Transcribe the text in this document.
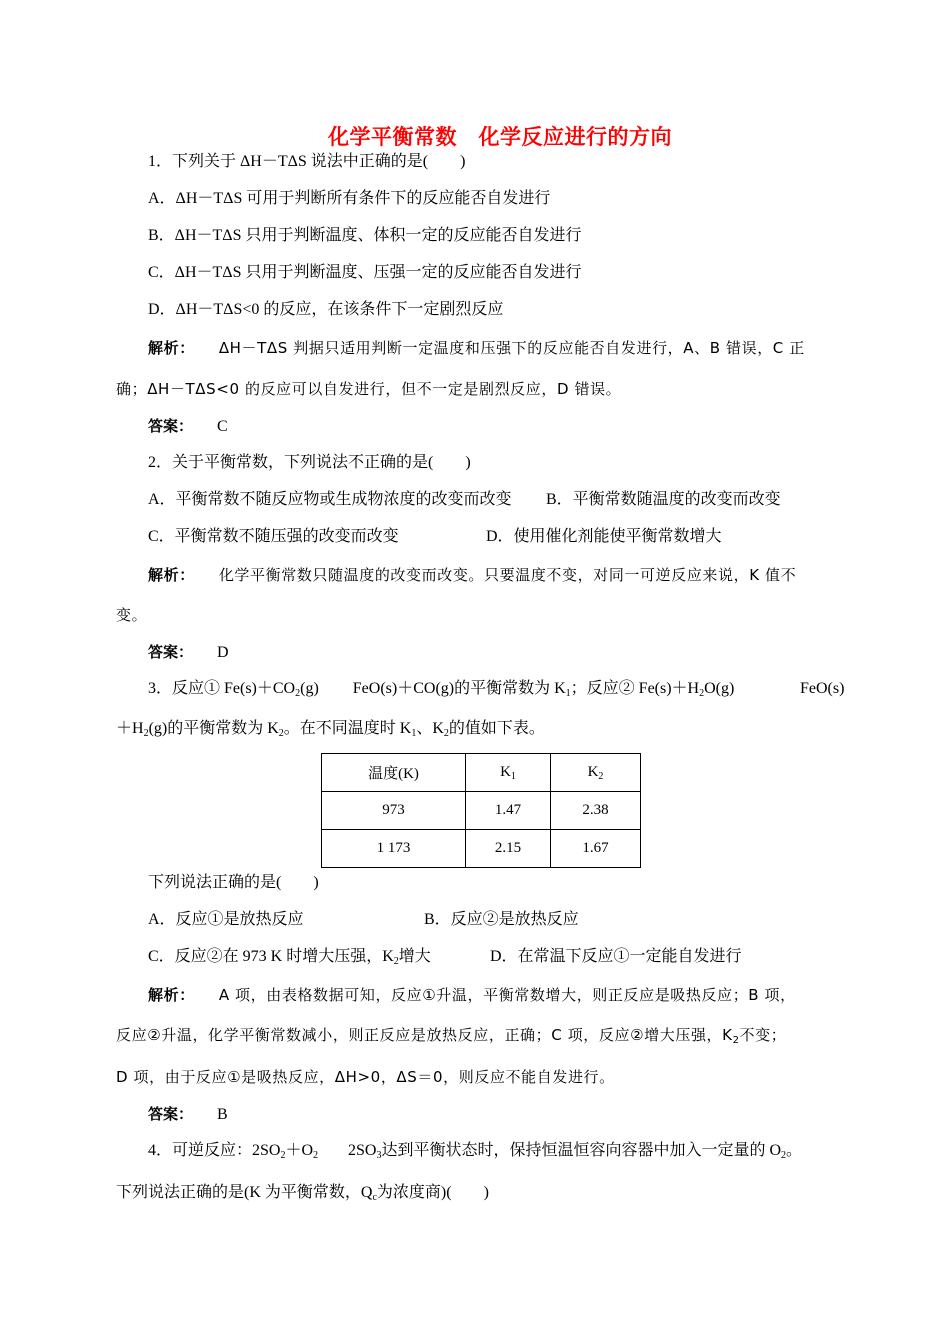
化学平衡常数　化学反应进行的方向
1．下列关于 ΔH－TΔS 说法中正确的是(　　)
A．ΔH－TΔS 可用于判断所有条件下的反应能否自发进行
B．ΔH－TΔS 只用于判断温度、体积一定的反应能否自发进行
C．ΔH－TΔS 只用于判断温度、压强一定的反应能否自发进行
D．ΔH－TΔS<0 的反应，在该条件下一定剧烈反应
解析： ΔH－TΔS 判据只适用判断一定温度和压强下的反应能否自发进行，A、B 错误，C 正
确；ΔH－TΔS<0 的反应可以自发进行，但不一定是剧烈反应，D 错误。
答案： C
2．关于平衡常数，下列说法不正确的是(　　)
A．平衡常数不随反应物或生成物浓度的改变而改变 B．平衡常数随温度的改变而改变
C．平衡常数不随压强的改变而改变	D．使用催化剂能使平衡常数增大
解析： 化学平衡常数只随温度的改变而改变。只要温度不变，对同一可逆反应来说，K 值不
变。
答案： D
3．反应① $Fe(s)+CO_2(g)$ FeO(s)＋CO(g)的平衡常数为 $K_1$；反应② $Fe(s)+H_2O(g)$	FeO(s)
$+H_2(g)$的平衡常数为 $K_2$。在不同温度时 $K_1$、$K_2$的值如下表。
温度(K)	$K_1$	$K_2$
973	1.47	2.38
1 173	2.15	1.67
下列说法正确的是(　　)
A．反应①是放热反应	B．反应②是放热反应
C．反应②在 973 K 时增大压强，$K_2$增大	D．在常温下反应①一定能自发进行
解析： A 项，由表格数据可知，反应①升温，平衡常数增大，则正反应是吸热反应；B 项，
反应②升温，化学平衡常数减小，则正反应是放热反应，正确；C 项，反应②增大压强，$K_2$不变；
D 项，由于反应①是吸热反应，ΔH>0，ΔS＝0，则反应不能自发进行。
答案： B
4．可逆反应：$2SO_2+O_2$ $2SO_3$达到平衡状态时，保持恒温恒容向容器中加入一定量的 $O_2$。
下列说法正确的是(K 为平衡常数，$Q_c$为浓度商)(　　)
